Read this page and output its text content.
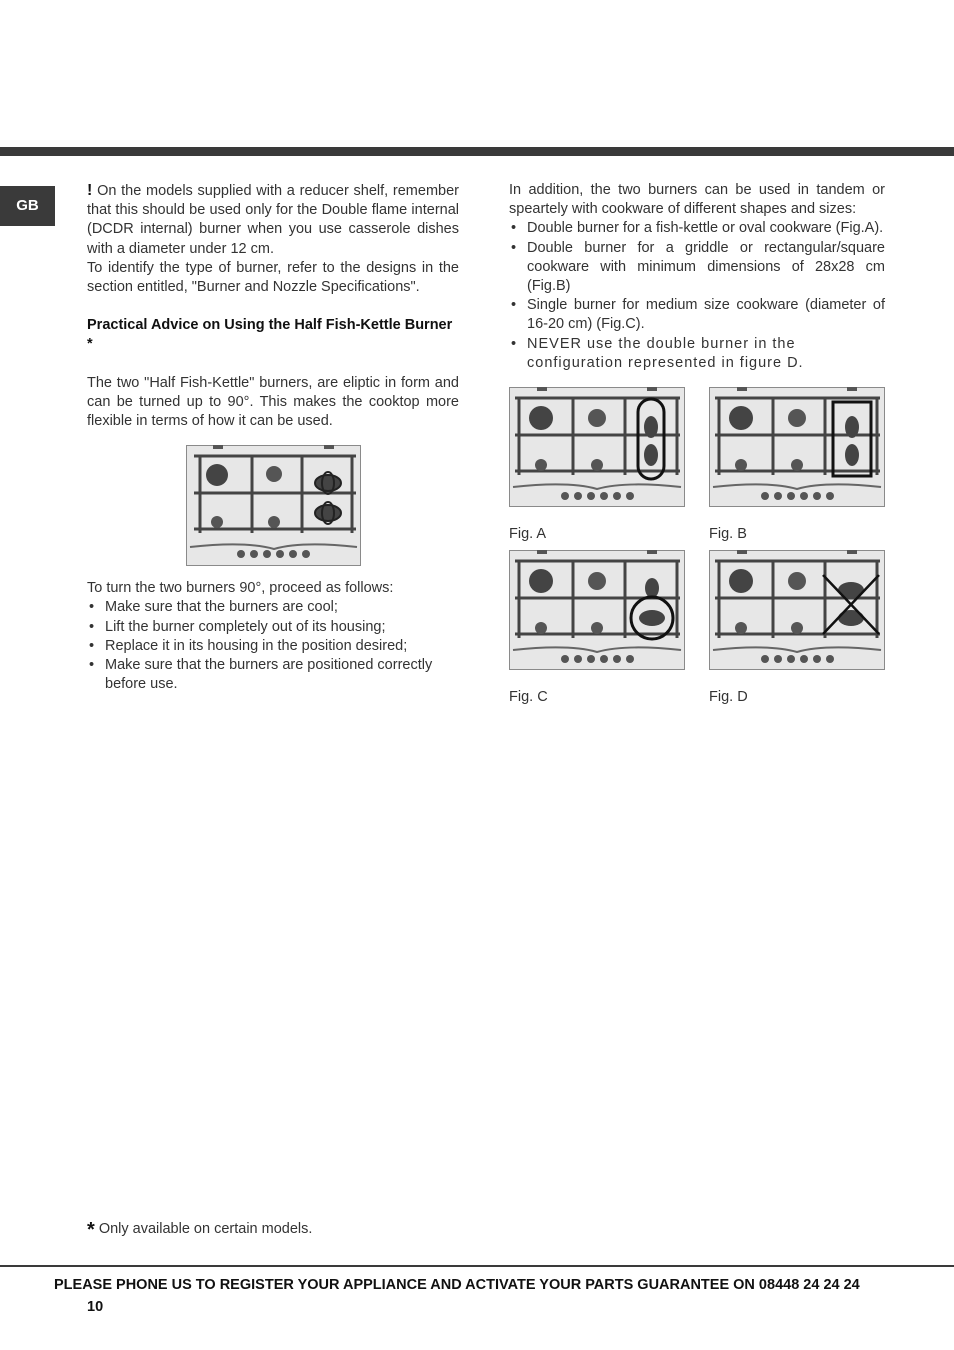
GB

! On the models supplied with a reducer shelf, remember that this should be used only for the Double flame internal (DCDR internal) burner when you use casserole dishes with a diameter under 12 cm.

To identify the type of burner, refer to the designs in the section entitled, "Burner and Nozzle Specifications".

Practical Advice on Using the Half Fish-Kettle Burner *

The two "Half Fish-Kettle" burners, are eliptic in form and can be turned up to 90°. This makes the cooktop more flexible in terms of how it can be used.

To turn the two burners 90°, proceed as follows:

• Make sure that the burners are cool;
• Lift the burner completely out of its housing;
• Replace it in its housing in the position desired;
• Make sure that the burners are positioned correctly before use.

In addition, the two burners can be used in tandem or speartely with cookware of different shapes and sizes:

• Double burner for a fish-kettle or oval cookware (Fig.A).
• Double burner for a griddle or rectangular/square cookware with minimum dimensions of 28x28 cm (Fig.B)
• Single burner for medium size cookware (diameter of 16-20 cm) (Fig.C).
• NEVER use the double burner in the configuration represented in figure D.
Fig. A	Fig. B
Fig. C	Fig. D
* Only available on certain models.
PLEASE PHONE US TO REGISTER YOUR APPLIANCE AND ACTIVATE YOUR PARTS GUARANTEE ON 08448 24 24 24
10
